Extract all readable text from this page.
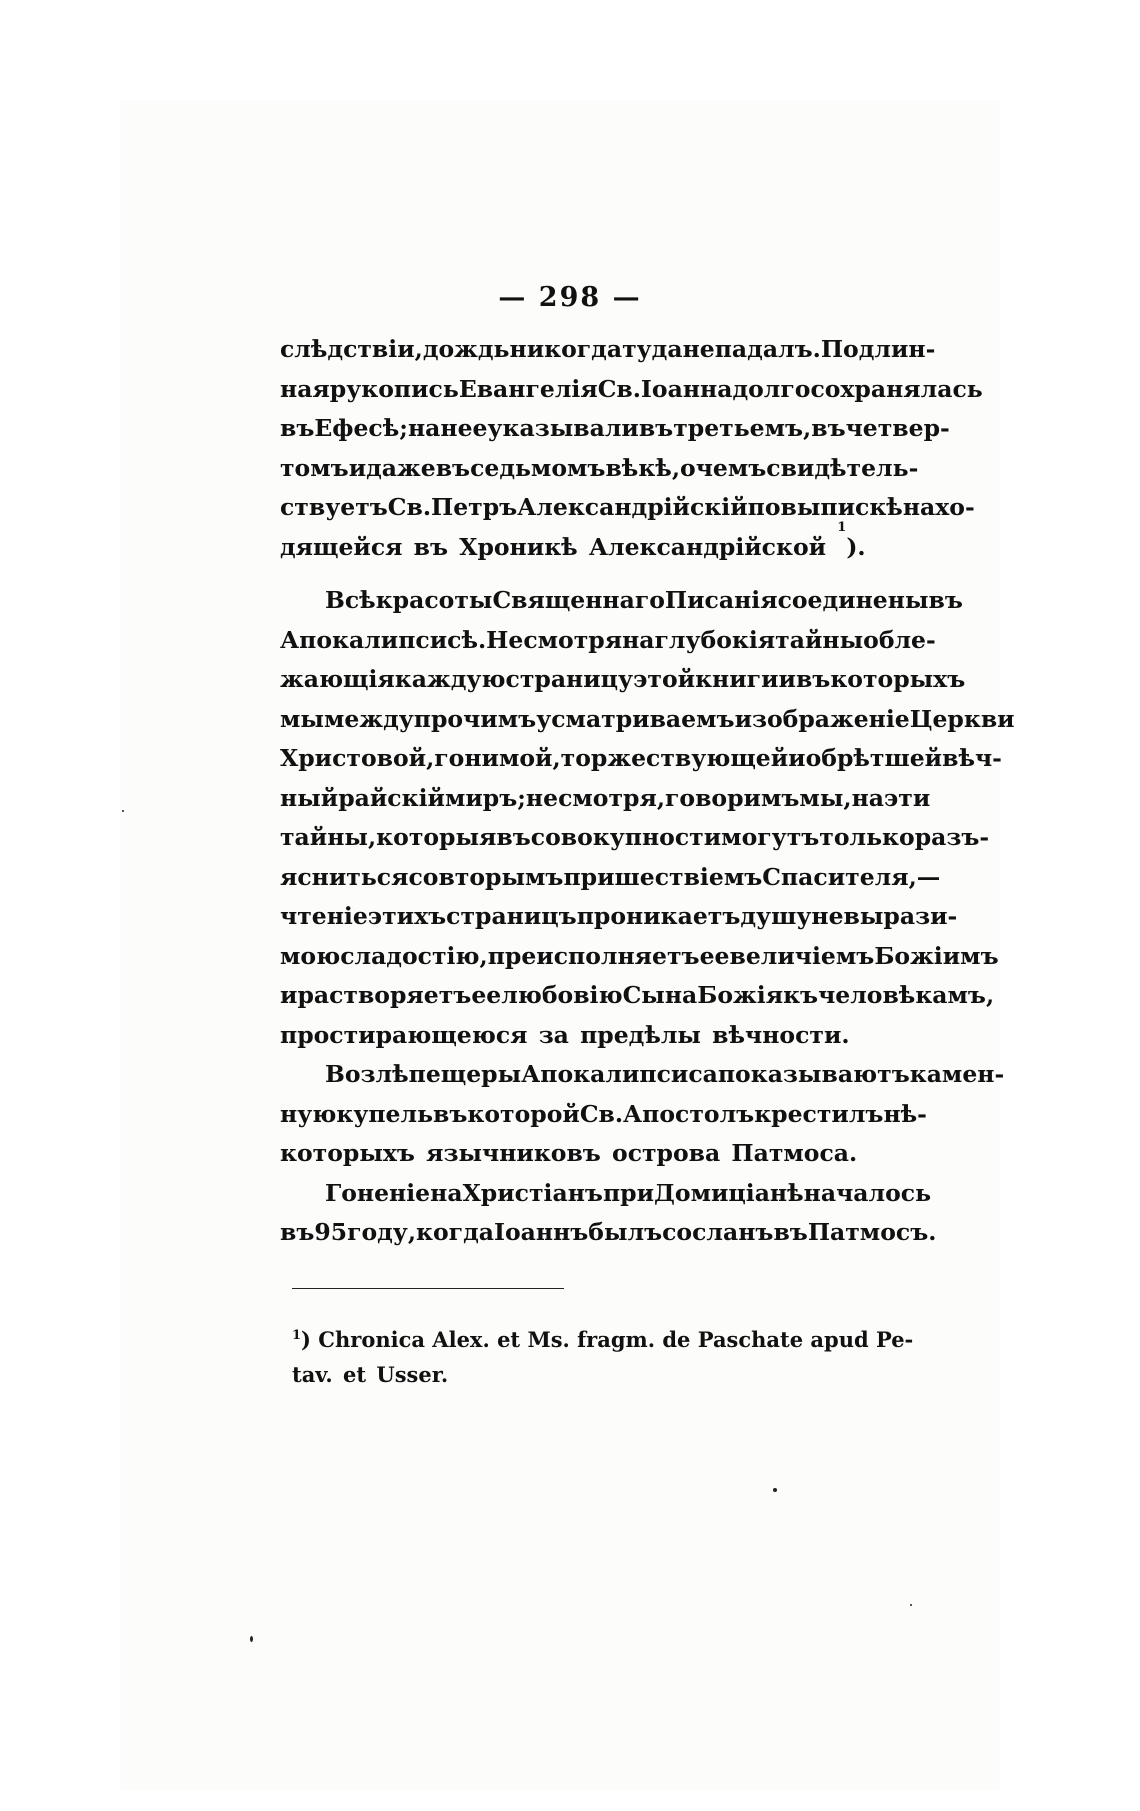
— 298 —
слѣдствіи, дождь никогда туда не падалъ. Подлин-
ная рукопись Евангелія Св. Іоанна долго сохранялась
въ Ефесѣ; на нее указывали въ третьемъ, въ четвер-
томъ и даже въ седьмомъ вѣкѣ, о чемъ свидѣтель-
ствуетъ Св. Петръ Александрійскій по выпискѣ нахо-
дящейся въ Хроникѣ Александрійской

1
).
Всѣ красоты Священнаго Писанія соединены въ
Апокалипсисѣ. Не смотря на глубокія тайны обле-
жающія каждую страницу этой книги и въ которыхъ
мы между прочимъ усматриваемъ изображеніе Церкви
Христовой, гонимой, торжествующей и обрѣтшей вѣч-
ный райскій миръ; не смотря, говоримъ мы, на эти
тайны, которыя въ совокупности могутъ только разъ-
ясниться со вторымъ пришествіемъ Спасителя, —
чтеніе этихъ страницъ проникаетъ душу невырази-
мою сладостію, преисполняетъ ее величіемъ Божіимъ
и растворяетъ ее любовію Сына Божія къ человѣкамъ,
простирающеюся за предѣлы вѣчности.
Возлѣ пещеры Апокалипсиса показываютъ камен-
ную купель въ которой Св. Апостолъ крестилъ нѣ-
которыхъ язычниковъ острова Патмоса.
Гоненіе на Христіанъ при Домиціанѣ началось
въ 95 году, когда Іоаннъ былъ сосланъ въ Патмосъ.
$^1$) Chronica Alex. et Ms. fragm. de Paschate apud Pe-
tav. et Usser.
